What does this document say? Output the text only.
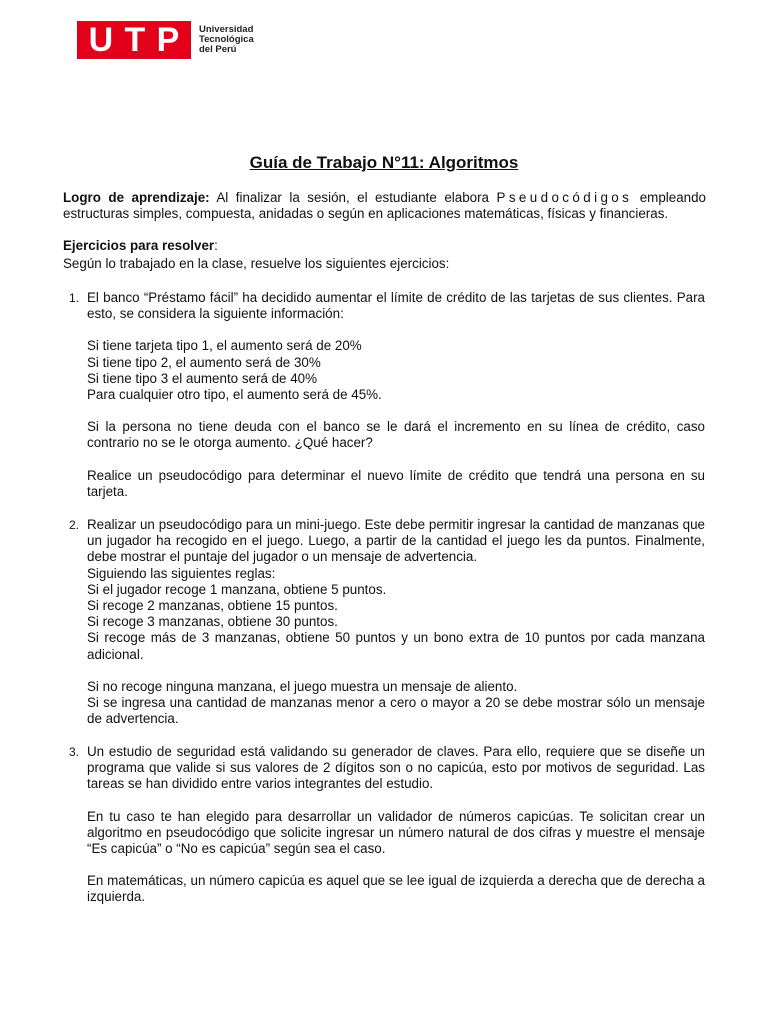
U T P Universidad
Tecnológica
del Perú
Guía de Trabajo N°11: Algoritmos
Logro de aprendizaje: Al finalizar la sesión, el estudiante elabora Pseudocódigos empleando estructuras simples, compuesta, anidadas o según en aplicaciones matemáticas, físicas y financieras.
Ejercicios para resolver:
Según lo trabajado en la clase, resuelve los siguientes ejercicios:
1. El banco “Préstamo fácil” ha decidido aumentar el límite de crédito de las tarjetas de sus clientes. Para esto, se considera la siguiente información:

Si tiene tarjeta tipo 1, el aumento será de 20%
Si tiene tipo 2, el aumento será de 30%
Si tiene tipo 3 el aumento será de 40%
Para cualquier otro tipo, el aumento será de 45%.

Si la persona no tiene deuda con el banco se le dará el incremento en su línea de crédito, caso contrario no se le otorga aumento. ¿Qué hacer?

Realice un pseudocódigo para determinar el nuevo límite de crédito que tendrá una persona en su tarjeta.

2. Realizar un pseudocódigo para un mini-juego. Este debe permitir ingresar la cantidad de manzanas que un jugador ha recogido en el juego. Luego, a partir de la cantidad el juego les da puntos. Finalmente, debe mostrar el puntaje del jugador o un mensaje de advertencia.

Siguiendo las siguientes reglas:
Si el jugador recoge 1 manzana, obtiene 5 puntos.
Si recoge 2 manzanas, obtiene 15 puntos.
Si recoge 3 manzanas, obtiene 30 puntos.

Si recoge más de 3 manzanas, obtiene 50 puntos y un bono extra de 10 puntos por cada manzana adicional.

Si no recoge ninguna manzana, el juego muestra un mensaje de aliento.

Si se ingresa una cantidad de manzanas menor a cero o mayor a 20 se debe mostrar sólo un mensaje de advertencia.

3. Un estudio de seguridad está validando su generador de claves. Para ello, requiere que se diseñe un programa que valide si sus valores de 2 dígitos son o no capicúa, esto por motivos de seguridad. Las tareas se han dividido entre varios integrantes del estudio.

En tu caso te han elegido para desarrollar un validador de números capicúas. Te solicitan crear un algoritmo en pseudocódigo que solicite ingresar un número natural de dos cifras y muestre el mensaje “Es capicúa” o “No es capicúa” según sea el caso.

En matemáticas, un número capicúa es aquel que se lee igual de izquierda a derecha que de derecha a izquierda.
